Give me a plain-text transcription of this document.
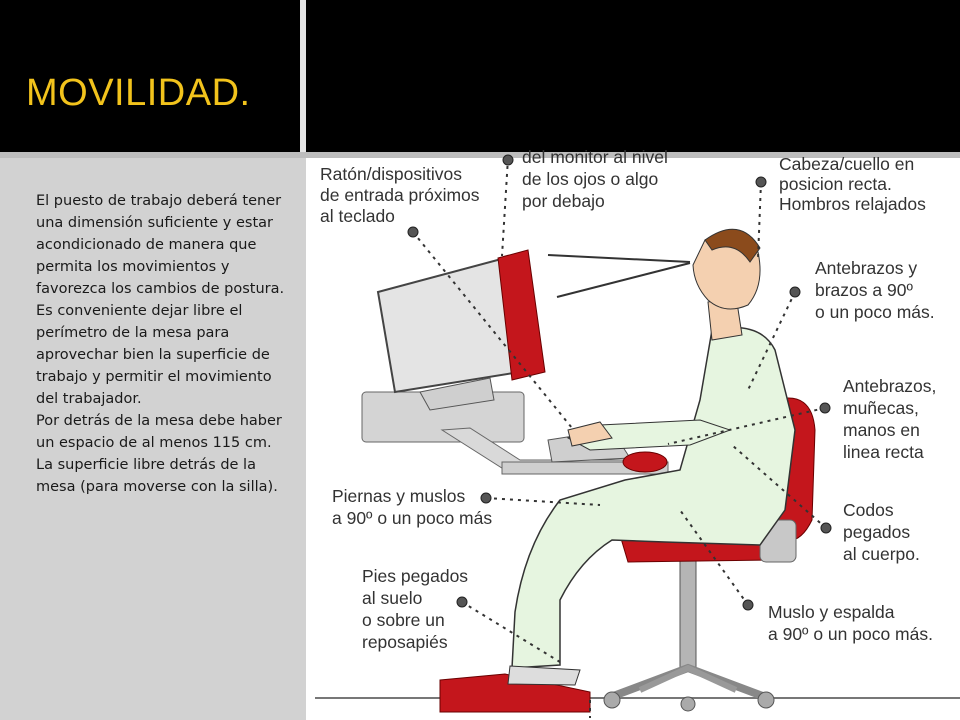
MOVILIDAD.

El puesto de trabajo deberá tener una dimensión suficiente y estar acondicionado de manera que permita los movimientos y favorezca los cambios de postura. Es conveniente dejar libre el perímetro de la mesa para aprovechar bien la superficie de trabajo y permitir el movimiento del trabajador.

Por detrás de la mesa debe haber un espacio de al menos 115 cm. La superficie libre detrás de la mesa (para moverse con la silla).

Ratón/dispositivos
de entrada próximos
al teclado
del monitor al nivel
de los ojos o algo
por debajo
Cabeza/cuello en
posicion recta.
Hombros relajados
Antebrazos y
brazos a 90º
o un poco más.
Antebrazos,
muñecas,
manos en
linea recta
Codos
pegados
al cuerpo.
Piernas y muslos
a 90º o un poco más
Pies pegados
al suelo
o sobre un
reposapiés
Muslo y espalda
a 90º o un poco más.
